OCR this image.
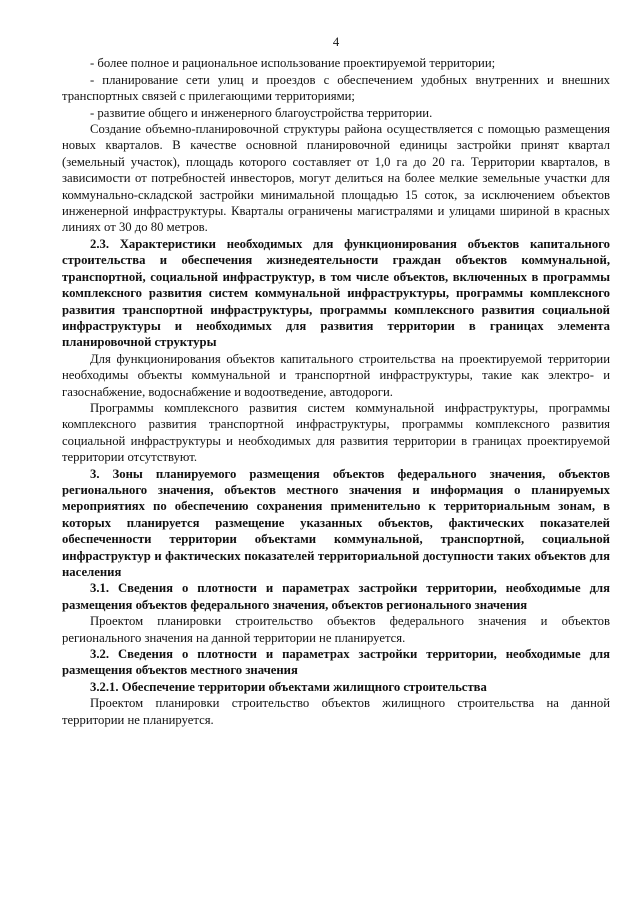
4

- более полное и рациональное использование проектируемой территории;

- планирование сети улиц и проездов с обеспечением удобных внутренних и внешних транспортных связей с прилегающими территориями;

- развитие общего и инженерного благоустройства территории.

Создание объемно-планировочной структуры района осуществляется с помощью размещения новых кварталов. В качестве основной планировочной единицы застройки принят квартал (земельный участок), площадь которого составляет от 1,0 га до 20 га. Территории кварталов, в зависимости от потребностей инвесторов, могут делиться на более мелкие земельные участки для коммунально-складской застройки минимальной площадью 15 соток, за исключением объектов инженерной инфраструктуры. Кварталы ограничены магистралями и улицами шириной в красных линиях от 30 до 80 метров.

2.3. Характеристики необходимых для функционирования объектов капитального строительства и обеспечения жизнедеятельности граждан объектов коммунальной, транспортной, социальной инфраструктур, в том числе объектов, включенных в программы комплексного развития систем коммунальной инфраструктуры, программы комплексного развития транспортной инфраструктуры, программы комплексного развития социальной инфраструктуры и необходимых для развития территории в границах элемента планировочной структуры

Для функционирования объектов капитального строительства на проектируемой территории необходимы объекты коммунальной и транспортной инфраструктуры, такие как электро- и газоснабжение, водоснабжение и водоотведение, автодороги.

Программы комплексного развития систем коммунальной инфраструктуры, программы комплексного развития транспортной инфраструктуры, программы комплексного развития социальной инфраструктуры и необходимых для развития территории в границах проектируемой территории отсутствуют.

3. Зоны планируемого размещения объектов федерального значения, объектов регионального значения, объектов местного значения и информация о планируемых мероприятиях по обеспечению сохранения применительно к территориальным зонам, в которых планируется размещение указанных объектов, фактических показателей обеспеченности территории объектами коммунальной, транспортной, социальной инфраструктур и фактических показателей территориальной доступности таких объектов для населения

3.1. Сведения о плотности и параметрах застройки территории, необходимые для размещения объектов федерального значения, объектов регионального значения

Проектом планировки строительство объектов федерального значения и объектов регионального значения на данной территории не планируется.

3.2. Сведения о плотности и параметрах застройки территории, необходимые для размещения объектов местного значения

3.2.1. Обеспечение территории объектами жилищного строительства

Проектом планировки строительство объектов жилищного строительства на данной территории не планируется.
